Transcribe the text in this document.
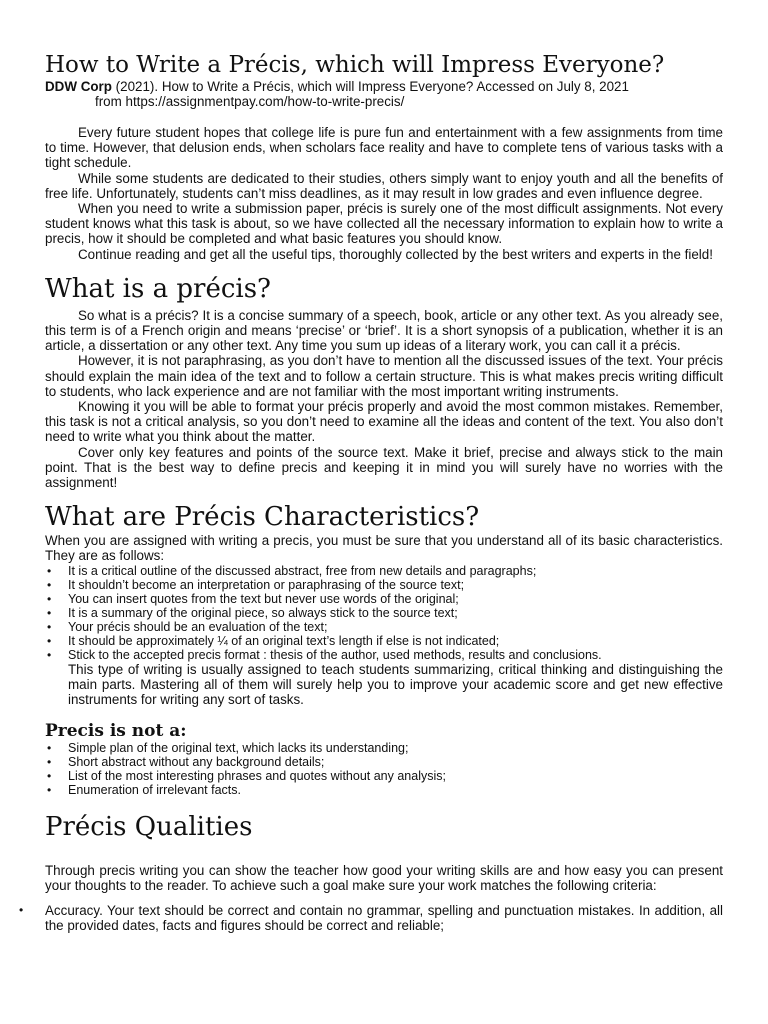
How to Write a Précis, which will Impress Everyone?
DDW Corp (2021). How to Write a Précis, which will Impress Everyone? Accessed on July 8, 2021
from https://assignmentpay.com/how-to-write-precis/

Every future student hopes that college life is pure fun and entertainment with a few assignments from time to time. However, that delusion ends, when scholars face reality and have to complete tens of various tasks with a tight schedule.

While some students are dedicated to their studies, others simply want to enjoy youth and all the benefits of free life. Unfortunately, students can’t miss deadlines, as it may result in low grades and even influence degree.

When you need to write a submission paper, précis is surely one of the most difficult assignments. Not every student knows what this task is about, so we have collected all the necessary information to explain how to write a precis, how it should be completed and what basic features you should know.

Continue reading and get all the useful tips, thoroughly collected by the best writers and experts in the field!

What is a précis?

So what is a précis? It is a concise summary of a speech, book, article or any other text. As you already see, this term is of a French origin and means ‘precise’ or ‘brief’. It is a short synopsis of a publication, whether it is an article, a dissertation or any other text. Any time you sum up ideas of a literary work, you can call it a précis.

However, it is not paraphrasing, as you don’t have to mention all the discussed issues of the text. Your précis should explain the main idea of the text and to follow a certain structure. This is what makes precis writing difficult to students, who lack experience and are not familiar with the most important writing instruments.

Knowing it you will be able to format your précis properly and avoid the most common mistakes. Remember, this task is not a critical analysis, so you don’t need to examine all the ideas and content of the text. You also don’t need to write what you think about the matter.

Cover only key features and points of the source text. Make it brief, precise and always stick to the main point. That is the best way to define precis and keeping it in mind you will surely have no worries with the assignment!

What are Précis Characteristics?

When you are assigned with writing a precis, you must be sure that you understand all of its basic characteristics. They are as follows:

• It is a critical outline of the discussed abstract, free from new details and paragraphs;
• It shouldn’t become an interpretation or paraphrasing of the source text;
• You can insert quotes from the text but never use words of the original;
• It is a summary of the original piece, so always stick to the source text;
• Your précis should be an evaluation of the text;
• It should be approximately ¼ of an original text’s length if else is not indicated;
• Stick to the accepted precis format : thesis of the author, used methods, results and conclusions.

This type of writing is usually assigned to teach students summarizing, critical thinking and distinguishing the main parts. Mastering all of them will surely help you to improve your academic score and get new effective instruments for writing any sort of tasks.

Precis is not a:
• Simple plan of the original text, which lacks its understanding;
• Short abstract without any background details;
• List of the most interesting phrases and quotes without any analysis;
• Enumeration of irrelevant facts.
Précis Qualities

Through precis writing you can show the teacher how good your writing skills are and how easy you can present your thoughts to the reader. To achieve such a goal make sure your work matches the following criteria:

• Accuracy. Your text should be correct and contain no grammar, spelling and punctuation mistakes. In addition, all the provided dates, facts and figures should be correct and reliable;
